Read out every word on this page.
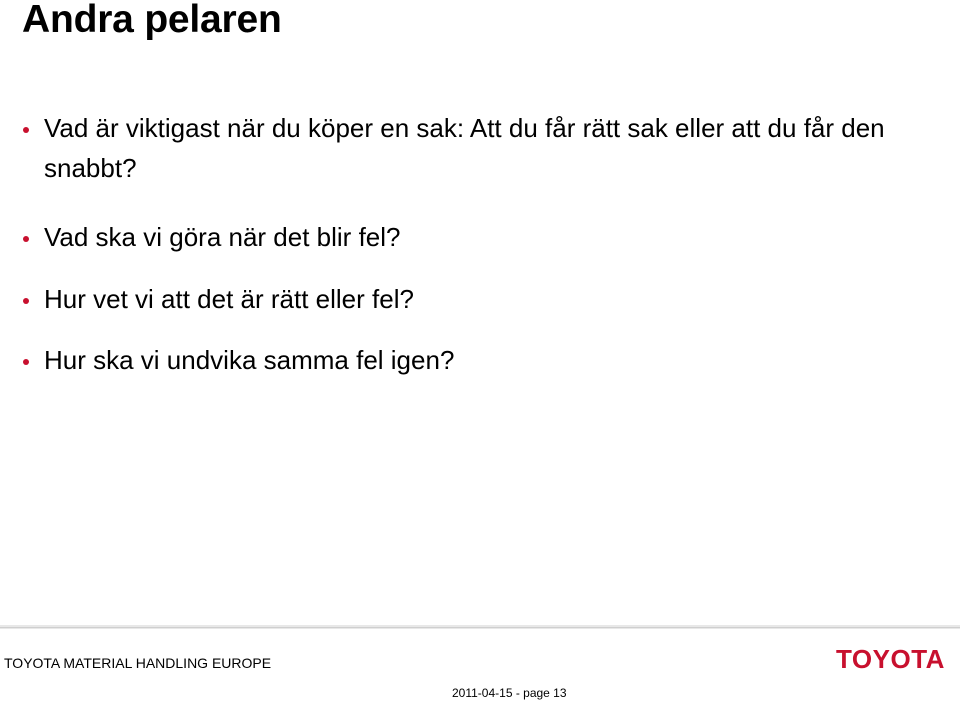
Andra pelaren
Vad är viktigast när du köper en sak: Att du får rätt sak eller att du får den snabbt?
Vad ska vi göra när det blir fel?
Hur vet vi att det är rätt eller fel?
Hur ska vi undvika samma fel igen?
TOYOTA MATERIAL HANDLING EUROPE	TOYOTA
2011-04-15 - page 13
